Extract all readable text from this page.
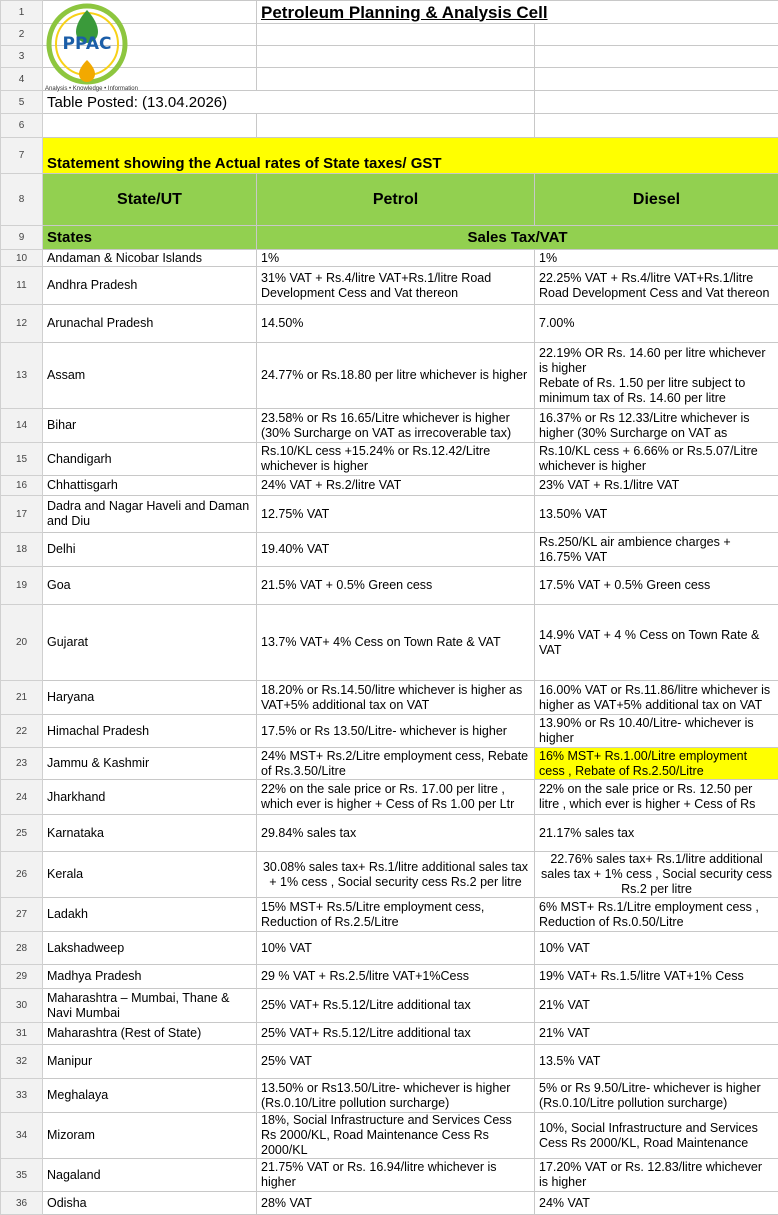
1		Petroleum Planning & Analysis Cell	
2			
3			
4			
5	Table Posted: (13.04.2026)		
6			
7	Statement showing the Actual rates of State taxes/ GST		
8	State/UT	Petrol	Diesel
9	States	Sales Tax/VAT	
10	Andaman & Nicobar Islands	1%	1%
11	Andhra Pradesh	31% VAT + Rs.4/litre VAT+Rs.1/litre Road Development Cess and Vat thereon	22.25% VAT + Rs.4/litre VAT+Rs.1/litre Road Development Cess and Vat thereon
12	Arunachal Pradesh	14.50%	7.00%
13	Assam	24.77% or Rs.18.80 per litre whichever is higher	22.19% OR Rs. 14.60 per litre whichever is higher
Rebate of Rs. 1.50 per litre subject to minimum tax of Rs. 14.60 per litre
14	Bihar	23.58% or Rs 16.65/Litre whichever is higher (30% Surcharge on VAT as irrecoverable tax)	16.37% or Rs 12.33/Litre whichever is higher (30% Surcharge on VAT as
15	Chandigarh	Rs.10/KL cess +15.24% or Rs.12.42/Litre whichever is higher	Rs.10/KL cess + 6.66% or Rs.5.07/Litre whichever is higher
16	Chhattisgarh	24% VAT + Rs.2/litre VAT	23% VAT + Rs.1/litre VAT
17	Dadra and Nagar Haveli and Daman and Diu	12.75% VAT	13.50% VAT
18	Delhi	19.40% VAT	Rs.250/KL air ambience charges + 16.75% VAT
19	Goa	21.5% VAT + 0.5% Green cess	17.5% VAT + 0.5% Green cess
20	Gujarat	13.7% VAT+ 4% Cess on Town Rate & VAT	14.9% VAT + 4 % Cess on Town Rate & VAT
21	Haryana	18.20% or Rs.14.50/litre whichever is higher as VAT+5% additional tax on VAT	16.00% VAT or Rs.11.86/litre whichever is higher as VAT+5% additional tax on VAT
22	Himachal Pradesh	17.5% or Rs 13.50/Litre- whichever is higher	13.90% or Rs 10.40/Litre- whichever is higher
23	Jammu & Kashmir	24% MST+ Rs.2/Litre employment cess, Rebate of Rs.3.50/Litre	16% MST+ Rs.1.00/Litre employment cess , Rebate of Rs.2.50/Litre
24	Jharkhand	22% on the sale price or Rs. 17.00 per litre , which ever is higher + Cess of Rs 1.00 per Ltr	22% on the sale price or Rs. 12.50 per litre , which ever is higher + Cess of Rs
25	Karnataka	29.84% sales tax	21.17% sales tax
26	Kerala	30.08% sales tax+ Rs.1/litre additional sales tax + 1% cess , Social security cess Rs.2 per litre	22.76% sales tax+ Rs.1/litre additional sales tax + 1% cess , Social security cess Rs.2 per litre
27	Ladakh	15% MST+ Rs.5/Litre employment cess, Reduction of Rs.2.5/Litre	6% MST+ Rs.1/Litre employment cess , Reduction of Rs.0.50/Litre
28	Lakshadweep	10% VAT	10% VAT
29	Madhya Pradesh	29 % VAT + Rs.2.5/litre VAT+1%Cess	19% VAT+ Rs.1.5/litre VAT+1% Cess
30	Maharashtra – Mumbai, Thane & Navi Mumbai	25% VAT+ Rs.5.12/Litre additional tax	21% VAT
31	Maharashtra (Rest of State)	25% VAT+ Rs.5.12/Litre additional tax	21% VAT
32	Manipur	25% VAT	13.5% VAT
33	Meghalaya	13.50% or Rs13.50/Litre- whichever is higher (Rs.0.10/Litre pollution surcharge)	5% or Rs 9.50/Litre- whichever is higher (Rs.0.10/Litre pollution surcharge)
34	Mizoram	18%, Social Infrastructure and Services Cess Rs 2000/KL, Road Maintenance Cess Rs 2000/KL	10%, Social Infrastructure and Services Cess Rs 2000/KL, Road Maintenance
35	Nagaland	21.75% VAT or Rs. 16.94/litre whichever is higher	17.20% VAT or Rs. 12.83/litre whichever is higher
36	Odisha	28% VAT	24% VAT
PPAC
Analysis • Knowledge • Information
